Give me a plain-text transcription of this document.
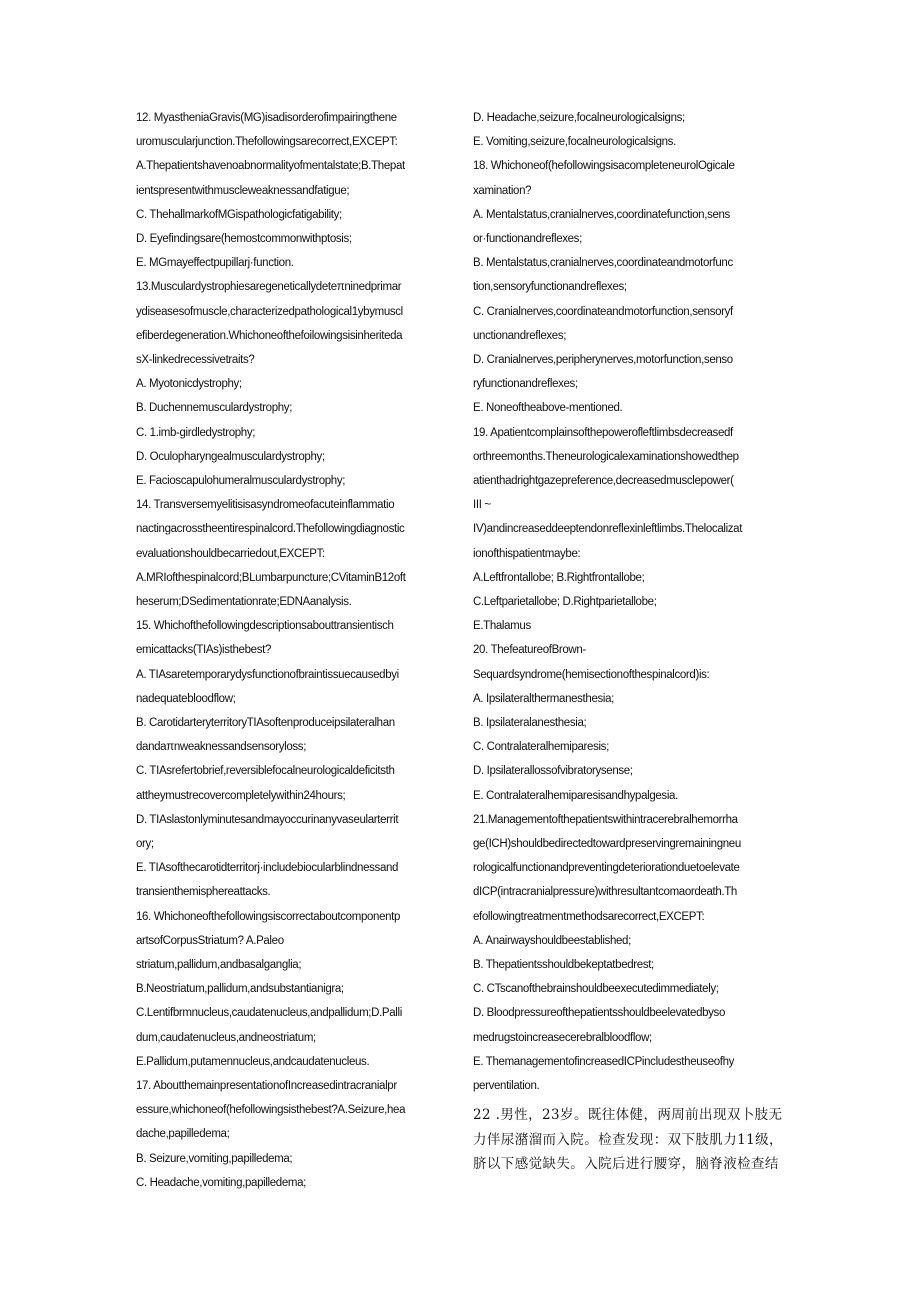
12. MyastheniaGravis(MG)isadisorderofimpairingthene
uromuscularjunction.Thefollowingsarecorrect,EXCEPT:
A.Thepatientshavenoabnormalityofmentalstate;B.Thepat
ientspresentwithmuscleweaknessandfatigue;
C. ThehallmarkofMGispathologicfatigability;
D. Eyefindingsare(hemostcommonwithptosis;
E. MGmayeffectpupillarj·function.
13.Musculardystrophiesaregeneticallydeteπninedprimar
ydiseasesofmuscle,characterizedpathological1ybymuscl
efiberdegeneration.Whichoneofthefoilowingsisinheriteda
sX-linkedrecessivetraits?
A. Myotonicdystrophy;
B. Duchennemusculardystrophy;
C. 1.imb-girdledystrophy;
D. Oculopharyngealmusculardystrophy;
E. Facioscapulohumeralmusculardystrophy;
14. Transversemyelitisisasyndromeofacuteinflammatio
nactingacrosstheentirespinalcord.Thefollowingdiagnostic
evaluationshouldbecarriedout,EXCEPT:
A.MRIofthespinalcord;BLumbarpuncture;CVitaminB12oft
heserum;DSedimentationrate;EDNAanalysis.
15. Whichofthefollowingdescriptionsabouttransientisch
emicattacks(TIAs)isthebest?
A. TIAsaretemporarydysfunctionofbraintissuecausedbyi
nadequatebloodflow;
B. CarotidarteryterritoryTIAsoftenproduceipsilateralhan
dandaπnweaknessandsensoryloss;
C. TIAsrefertobrief,reversiblefocalneurologicaldeficitsth
attheymustrecovercompletelywithin24hours;
D. TIAslastonlyminutesandmayoccurinanyvaseularterrit
ory;
E. TIAsofthecarotidterritorj·includebiocularblindnessand
transienthemisphereattacks.
16. Whichoneofthefollowingsiscorrectaboutcomponentp
artsofCorpusStriatum? A.Paleo
striatum,pallidum,andbasalganglia;
B.Neostriatum,pallidum,andsubstantianigra;
C.Lentifbrmnucleus,caudatenucleus,andpallidum;D.Palli
dum,caudatenucleus,andneostriatum;
E.Pallidum,putamennucleus,andcaudatenucleus.
17. AboutthemainpresentationofIncreasedintracranialpr
essure,whichoneof(hefollowingsisthebest?A.Seizure,hea
dache,papilledema;
B. Seizure,vomiting,papilledema;
C. Headache,vomiting,papilledema;
D. Headache,seizure,focalneurologicalsigns;
E. Vomiting,seizure,focalneurologicalsigns.
18. Whichoneof(hefollowingsisacompleteneurolOgicale
xamination?
A. Mentalstatus,cranialnerves,coordinatefunction,sens
or·functionandreflexes;
B. Mentalstatus,cranialnerves,coordinateandmotorfunc
tion,sensoryfunctionandreflexes;
C. Cranialnerves,coordinateandmotorfunction,sensoryf
unctionandreflexes;
D. Cranialnerves,peripherynerves,motorfunction,senso
ryfunctionandreflexes;
E. Noneoftheabove-mentioned.
19. Apatientcomplainsofthepowerofleftlimbsdecreasedf
orthreemonths.Theneurologicalexaminationshowedthep
atienthadrightgazepreference,decreasedmusclepower(
III ~
IV)andincreaseddeeptendonreflexinleftlimbs.Thelocalizat
ionofthispatientmaybe:
A.Leftfrontallobe; B.Rightfrontallobe;
C.Leftparietallobe; D.Rightparietallobe;
E.Thalamus
20. ThefeatureofBrown-
Sequardsyndrome(hemisectionofthespinalcord)is:
A. Ipsilateralthermanesthesia;
B. Ipsilateralanesthesia;
C. Contralateralhemiparesis;
D. Ipsilaterallossofvibratorysense;
E. Contralateralhemiparesisandhypalgesia.
21.Managementofthepatientswithintracerebralhemorrha
ge(ICH)shouldbedirectedtowardpreservingremainingneu
rologicalfunctionandpreventingdeteriorationduetoelevate
dICP(intracranialpressure)withresultantcomaordeath.Th
efollowingtreatmentmethodsarecorrect,EXCEPT:
A. Anairwayshouldbeestablished;
B. Thepatientsshouldbekeptatbedrest;
C. CTscanofthebrainshouldbeexecutedimmediately;
D. Bloodpressureofthepatientsshouldbeelevatedbyso
medrugstoincreasecerebralbloodflow;
E. ThemanagementofincreasedICPincludestheuseofhy
perventilation.
22 .男性，23岁。既往体健，两周前出现双卜肢无
力伴尿潴溜而入院。检查发现：双下肢肌力11级，
脐以下感觉缺失。入院后进行腰穿，脑脊液检查结
